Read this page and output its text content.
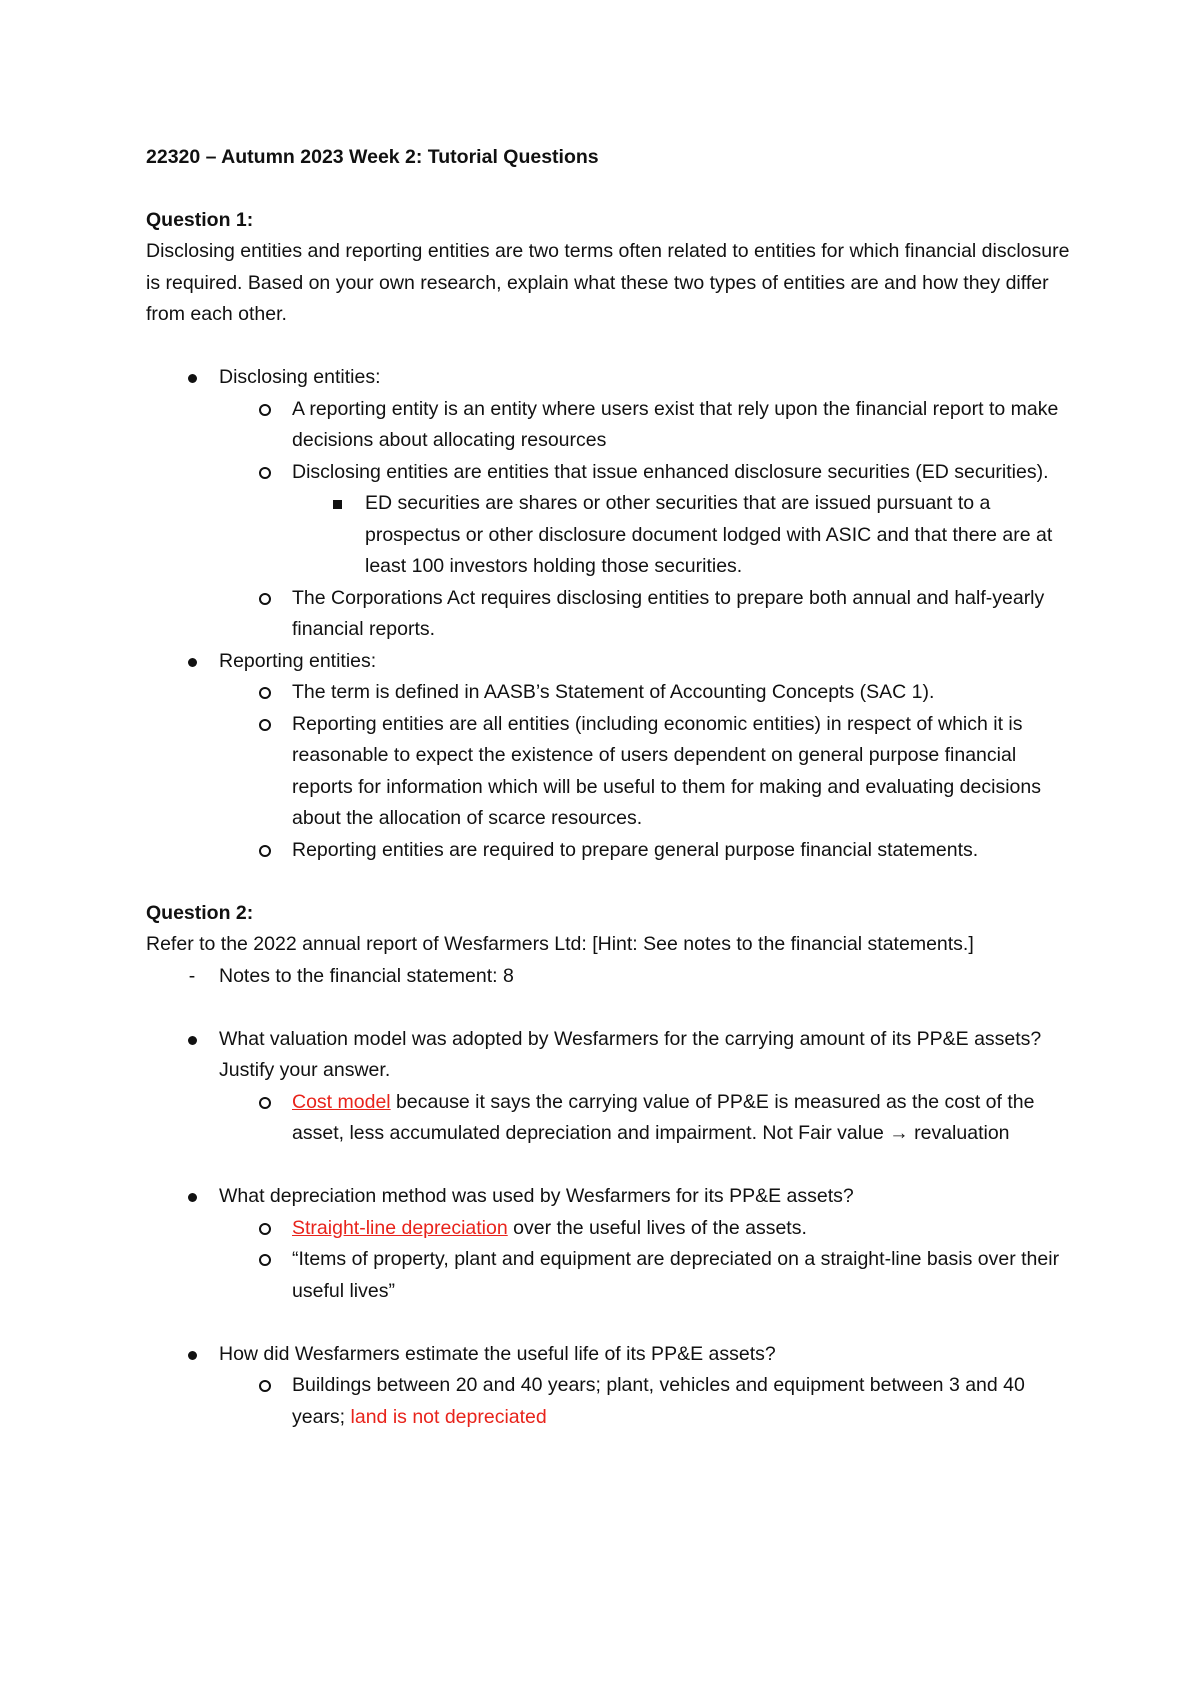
22320 – Autumn 2023 Week 2: Tutorial Questions

Question 1:

Disclosing entities and reporting entities are two terms often related to entities for which financial disclosure is required. Based on your own research, explain what these two types of entities are and how they differ from each other.

Disclosing entities:
A reporting entity is an entity where users exist that rely upon the financial report to make decisions about allocating resources
Disclosing entities are entities that issue enhanced disclosure securities (ED securities).
ED securities are shares or other securities that are issued pursuant to a prospectus or other disclosure document lodged with ASIC and that there are at least 100 investors holding those securities.
The Corporations Act requires disclosing entities to prepare both annual and half-yearly financial reports.
Reporting entities:
The term is defined in AASB’s Statement of Accounting Concepts (SAC 1).
Reporting entities are all entities (including economic entities) in respect of which it is reasonable to expect the existence of users dependent on general purpose financial reports for information which will be useful to them for making and evaluating decisions about the allocation of scarce resources.
Reporting entities are required to prepare general purpose financial statements.

Question 2:

Refer to the 2022 annual report of Wesfarmers Ltd: [Hint: See notes to the financial statements.]

-	Notes to the financial statement: 8
What valuation model was adopted by Wesfarmers for the carrying amount of its PP&E assets? Justify your answer.
Cost model because it says the carrying value of PP&E is measured as the cost of the asset, less accumulated depreciation and impairment. Not Fair value → revaluation
What depreciation method was used by Wesfarmers for its PP&E assets?
Straight-line depreciation over the useful lives of the assets.
“Items of property, plant and equipment are depreciated on a straight-line basis over their useful lives”
How did Wesfarmers estimate the useful life of its PP&E assets?
Buildings between 20 and 40 years; plant, vehicles and equipment between 3 and 40 years; land is not depreciated
